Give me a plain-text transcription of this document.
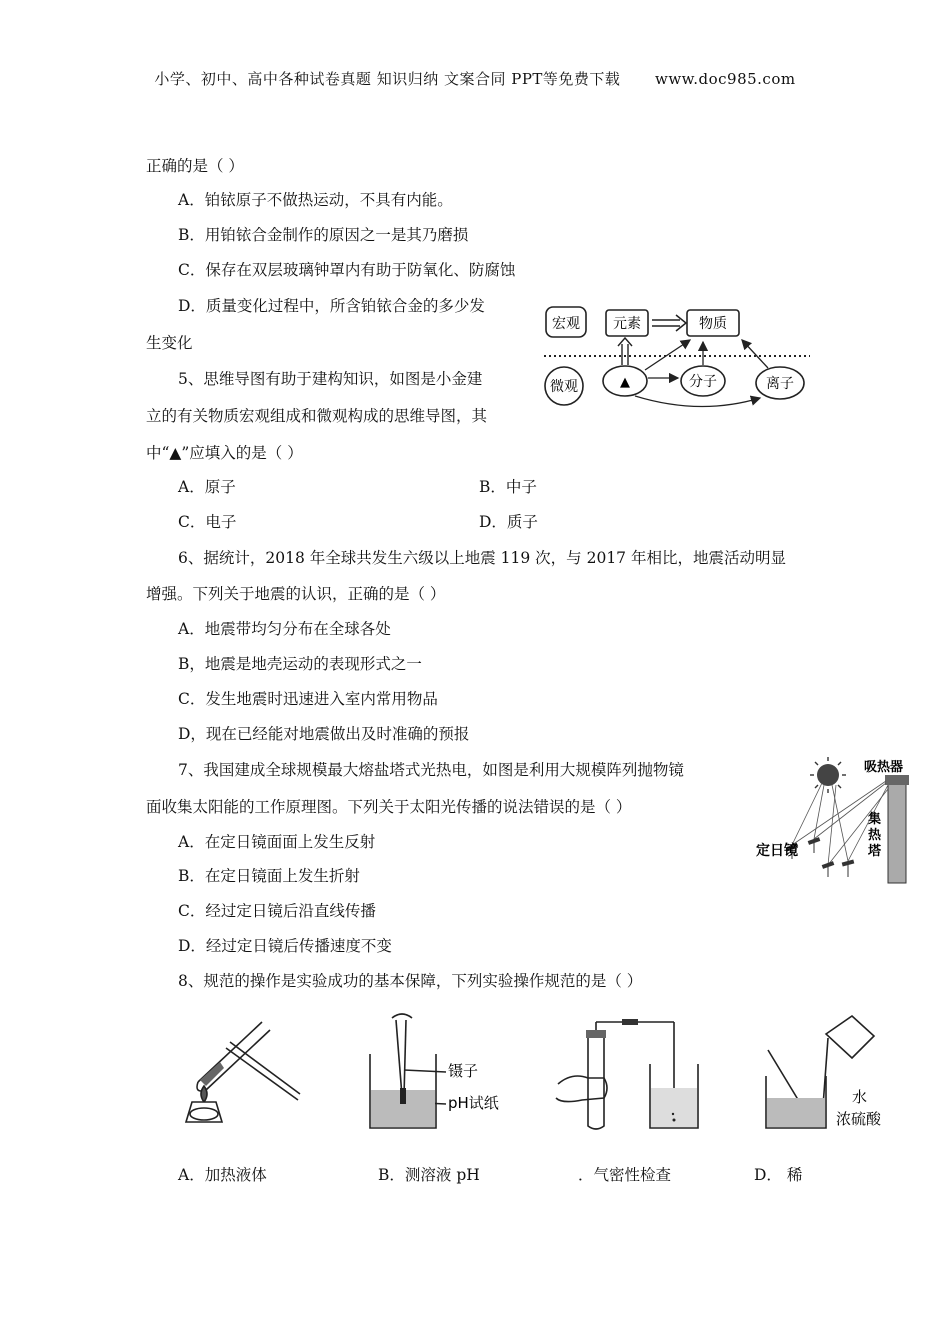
小学、初中、高中各种试卷真题 知识归纳 文案合同 PPT等免费下载 www.doc985.com
正确的是（ ）
A．铂铱原子不做热运动，不具有内能。
B．用铂铱合金制作的原因之一是其乃磨损
C．保存在双层玻璃钟罩内有助于防氧化、防腐蚀
D．质量变化过程中，所含铂铱合金的多少发
生变化
5、思维导图有助于建构知识，如图是小金建
立的有关物质宏观组成和微观构成的思维导图，其
中“▲”应填入的是（ ）
A．原子	B．中子
C．电子	D．质子
宏观 元素	物质
微观	▲	分子	离子
6、据统计，2018 年全球共发生六级以上地震 119 次，与 2017 年相比，地震活动明显
增强。下列关于地震的认识，正确的是（ ）
A．地震带均匀分布在全球各处
B，地震是地壳运动的表现形式之一
C．发生地震时迅速进入室内常用物品
D，现在已经能对地震做出及时准确的预报
7、我国建成全球规模最大熔盐塔式光热电，如图是利用大规模阵列抛物镜
面收集太阳能的工作原理图。下列关于太阳光传播的说法错误的是（ ）
A．在定日镜面面上发生反射
B．在定日镜面上发生折射
C．经过定日镜后沿直线传播
D．经过定日镜后传播速度不变
吸热器
定日镜
集
热
塔
8、规范的操作是实验成功的基本保障，下列实验操作规范的是（ ）
镊子
pH试纸	水
浓硫酸
A．加热液体	B．测溶液 pH	．气密性检查	D． 稀
